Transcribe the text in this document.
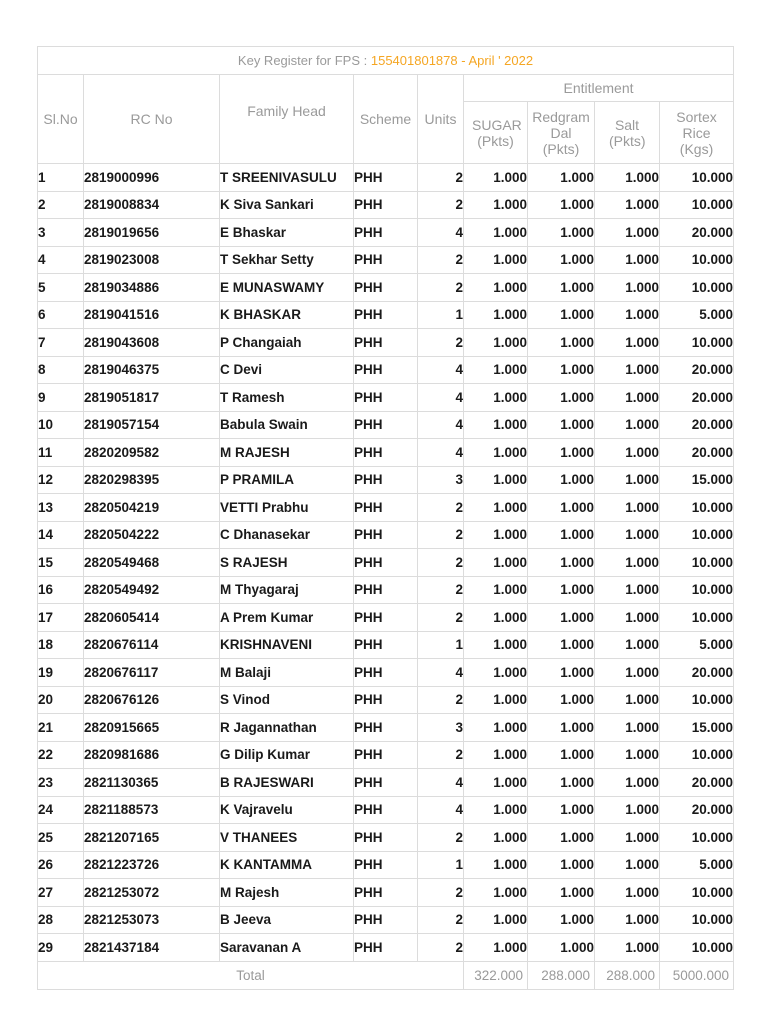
Key Register for FPS : 155401801878 - April ' 2022								
Sl.No	RC No	Family Head	Scheme	Units	Entitlement			
					SUGAR (Pkts)	Redgram Dal (Pkts)	Salt (Pkts)	Sortex Rice (Kgs)
1	2819000996	T SREENIVASULU	PHH	2	1.000	1.000	1.000	10.000
2	2819008834	K Siva Sankari	PHH	2	1.000	1.000	1.000	10.000
3	2819019656	E Bhaskar	PHH	4	1.000	1.000	1.000	20.000
4	2819023008	T Sekhar Setty	PHH	2	1.000	1.000	1.000	10.000
5	2819034886	E MUNASWAMY	PHH	2	1.000	1.000	1.000	10.000
6	2819041516	K BHASKAR	PHH	1	1.000	1.000	1.000	5.000
7	2819043608	P Changaiah	PHH	2	1.000	1.000	1.000	10.000
8	2819046375	C Devi	PHH	4	1.000	1.000	1.000	20.000
9	2819051817	T Ramesh	PHH	4	1.000	1.000	1.000	20.000
10	2819057154	Babula Swain	PHH	4	1.000	1.000	1.000	20.000
11	2820209582	M RAJESH	PHH	4	1.000	1.000	1.000	20.000
12	2820298395	P PRAMILA	PHH	3	1.000	1.000	1.000	15.000
13	2820504219	VETTI Prabhu	PHH	2	1.000	1.000	1.000	10.000
14	2820504222	C Dhanasekar	PHH	2	1.000	1.000	1.000	10.000
15	2820549468	S RAJESH	PHH	2	1.000	1.000	1.000	10.000
16	2820549492	M Thyagaraj	PHH	2	1.000	1.000	1.000	10.000
17	2820605414	A Prem Kumar	PHH	2	1.000	1.000	1.000	10.000
18	2820676114	KRISHNAVENI	PHH	1	1.000	1.000	1.000	5.000
19	2820676117	M Balaji	PHH	4	1.000	1.000	1.000	20.000
20	2820676126	S Vinod	PHH	2	1.000	1.000	1.000	10.000
21	2820915665	R Jagannathan	PHH	3	1.000	1.000	1.000	15.000
22	2820981686	G Dilip Kumar	PHH	2	1.000	1.000	1.000	10.000
23	2821130365	B RAJESWARI	PHH	4	1.000	1.000	1.000	20.000
24	2821188573	K Vajravelu	PHH	4	1.000	1.000	1.000	20.000
25	2821207165	V THANEES	PHH	2	1.000	1.000	1.000	10.000
26	2821223726	K KANTAMMA	PHH	1	1.000	1.000	1.000	5.000
27	2821253072	M Rajesh	PHH	2	1.000	1.000	1.000	10.000
28	2821253073	B Jeeva	PHH	2	1.000	1.000	1.000	10.000
29	2821437184	Saravanan A	PHH	2	1.000	1.000	1.000	10.000
Total					322.000	288.000	288.000	5000.000
